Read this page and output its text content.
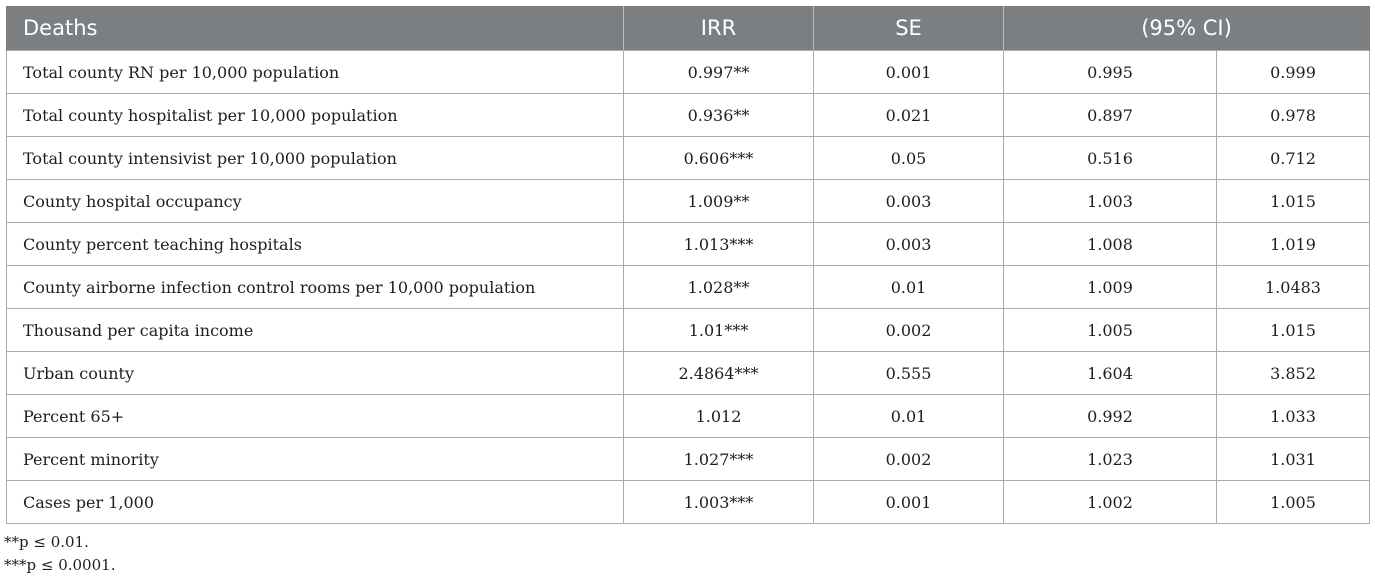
Deaths	IRR	SE	(95% CI)	
Total county RN per 10,000 population	0.997**	0.001	0.995	0.999
Total county hospitalist per 10,000 population	0.936**	0.021	0.897	0.978
Total county intensivist per 10,000 population	0.606***	0.05	0.516	0.712
County hospital occupancy	1.009**	0.003	1.003	1.015
County percent teaching hospitals	1.013***	0.003	1.008	1.019
County airborne infection control rooms per 10,000 population	1.028**	0.01	1.009	1.0483
Thousand per capita income	1.01***	0.002	1.005	1.015
Urban county	2.4864***	0.555	1.604	3.852
Percent 65+	1.012	0.01	0.992	1.033
Percent minority	1.027***	0.002	1.023	1.031
Cases per 1,000	1.003***	0.001	1.002	1.005
**p ≤ 0.01.
***p ≤ 0.0001.
